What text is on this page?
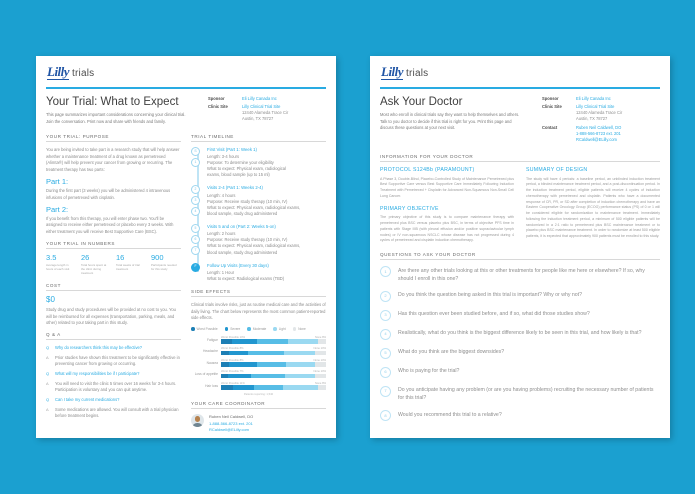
Lilly trials
Your Trial: What to Expect

This page summarizes important considerations concerning your clinical trial. Join the conversation. Print now and share with friends and family.

Sponsor	Eli Lilly Canada Inc
Clinic Site	Lilly Clinical Trial Site
12440 Alameda Trace Cir
Austin, TX 78727
YOUR TRIAL: PURPOSE

You are being invited to take part in a research study that will help answer whether a maintenance treatment of a drug known as pemetrexed (Alimta®) will help prevent your cancer from growing or recurring. The treatment therapy has two parts:

Part 1:

During the first part (3 weeks) you will be administered 4 intravenous infusions of pemetrexed with cisplatin.

Part 2:

If you benefit from this therapy, you will enter phase two. You'll be assigned to receive either pemetrexed or placebo every 3 weeks. With either treatment you will receive Best Supportive Care (BSC).

YOUR TRIAL IN NUMBERS
3.5
Average length in hours of each visit
26
Total hours spent at the clinic during treatment
16
Total weeks of trial treatment
900
Participants needed for this study
COST
$0

Study drug and study procedures will be provided at no cost to you. You will be reimbursed for all expenses (transportation, parking, meals, and other) related to your taking part in this study.

Q & A
Q	Why do researchers think this may be effective?
A	Prior studies have shown this treatment to be significantly effective in preventing cancer from growing or occurring.
Q	What will my responsibilities be if I participate?
A	You will need to visit the clinic 5 times over 16 weeks for 3-4 hours. Participation is voluntary and you can quit anytime.
Q	Can I take my current medications?
A	Some medications are allowed. You will consult with a trial physician before treatment begins.
TRIAL TIMELINE
S
1
First Visit (Part 1: Week 1)
Length: 3-4 hours
Purpose: To determine your eligibility
What to expect: Physical exam, radiological
exams, blood sample (up to 15 ml)
2
3
4
Visits 2-4 (Part 1: Weeks 2-4)
Length: 4 hours
Purpose: Receive study therapy (10 min, IV)
What to expect: Physical exam, radiological exams,
blood sample, study drug administered
5
6
7
Visits 5 and on (Part 2: Weeks 5-on)
Length: 2 hours
Purpose: Receive study therapy (10 min, IV)
What to expect: Physical exam, radiological exams,
blood sample, study drug administered
F	Follow Up Visits (Every 30 days)
Length: 1 Hour
What to expect: Radiological exams (TBD)
SIDE EFFECTS

Clinical trials involve risks, just as routine medical care and the activities of daily living. The chart below represents the most common patient-reported side effects.

Worst Possible	Severe	Moderate	Light	None
Fatigue
Worst Possible 10%	None 8%
Headache
Worst Possible 8%	None 10%
Nausea
Worst Possible 8%	None 10%
Loss of appetite
Worst Possible 7%	None 10%
Hair loss
Worst Possible 11%	None 8%
Patients reporting: 1,540
YOUR CARE COORDINATOR
Ruben Neil Caldwell, DO
1-888-566-8723 ext. 201
RCaldwell@ELilly.com
Lilly trials
Ask Your Doctor

Most who enroll in clinical trials say they want to help themselves and others. Talk to you doctor to decide if this trial is right for you. Print this page and discuss these questions at your next visit.

Sponsor	Eli Lilly Canada Inc
Clinic Site	Lilly Clinical Trial Site
12440 Alameda Trace Cir
Austin, TX 78727
Contact	Ruben Neil Caldwell, DO
1-888-566-8723 ext. 201
RCaldwell@ELilly.com
INFORMATION FOR YOUR DOCTOR
PROTOCOL S124Bb (PARAMOUNT)

A Phase 3, Double-Blind, Placebo-Controlled Study of Maintenance Pemetrexed plus Best Supportive Care versus Best Supportive Care Immediately Following Induction Treatment with Pemetrexed + Cisplatin for Advanced Non-Squamous Non-Small Cell Lung Cancer.

PRIMARY OBJECTIVE

The primary objective of this study is to compare maintenance therapy with pemetrexed plus BSC versus placebo plus BSC, in terms of objective PFS time in patients with Stage IIIB (with pleural effusion and/or positive supraclavicular lymph nodes) or IV non-squamous NSCLC whose disease has not progressed during 4 cycles of pemetrexed and cisplatin induction chemotherapy.

SUMMARY OF DESIGN

The study will have 4 periods: a baseline period, an unblinded induction treatment period, a blinded maintenance treatment period, and a post-discontinuation period. In the induction treatment period, eligible patients will receive 4 cycles of induction chemotherapy with pemetrexed and cisplatin. Patients who have a documented response of CR, PR, or SD after completion of induction chemotherapy and have an Eastern Cooperative Oncology Group (ECOG) performance status (PS) of 0 or 1 will be considered eligible for randomization to maintenance treatment. Immediately following the induction treatment period, a minimum of 500 eligible patients will be randomized in a 2:1 ratio to pemetrexed plus BSC maintenance treatment or to placebo plus BSC maintenance treatment. In order to randomize at least 500 eligible patients, it is expected that approximately 900 patients must be enrolled to this study.

QUESTIONS TO ASK YOUR DOCTOR
1	Are there any other trials looking at this or other treatments for people like me here or elsewhere? If so, why should I enroll in this one?
2	Do you think the question being asked in this trial is important? Why or why not?
3	Has this question ever been studied before, and if so, what did those studies show?
4	Realistically, what do you think is the biggest difference likely to be seen in this trial, and how likely is that?
5	What do you think are the biggest downsides?
6	Who is paying for the trial?
7	Do you anticipate having any problem (or are you having problems) recruiting the necessary number of patients for this trial?
8	Would you recommend this trial to a relative?
